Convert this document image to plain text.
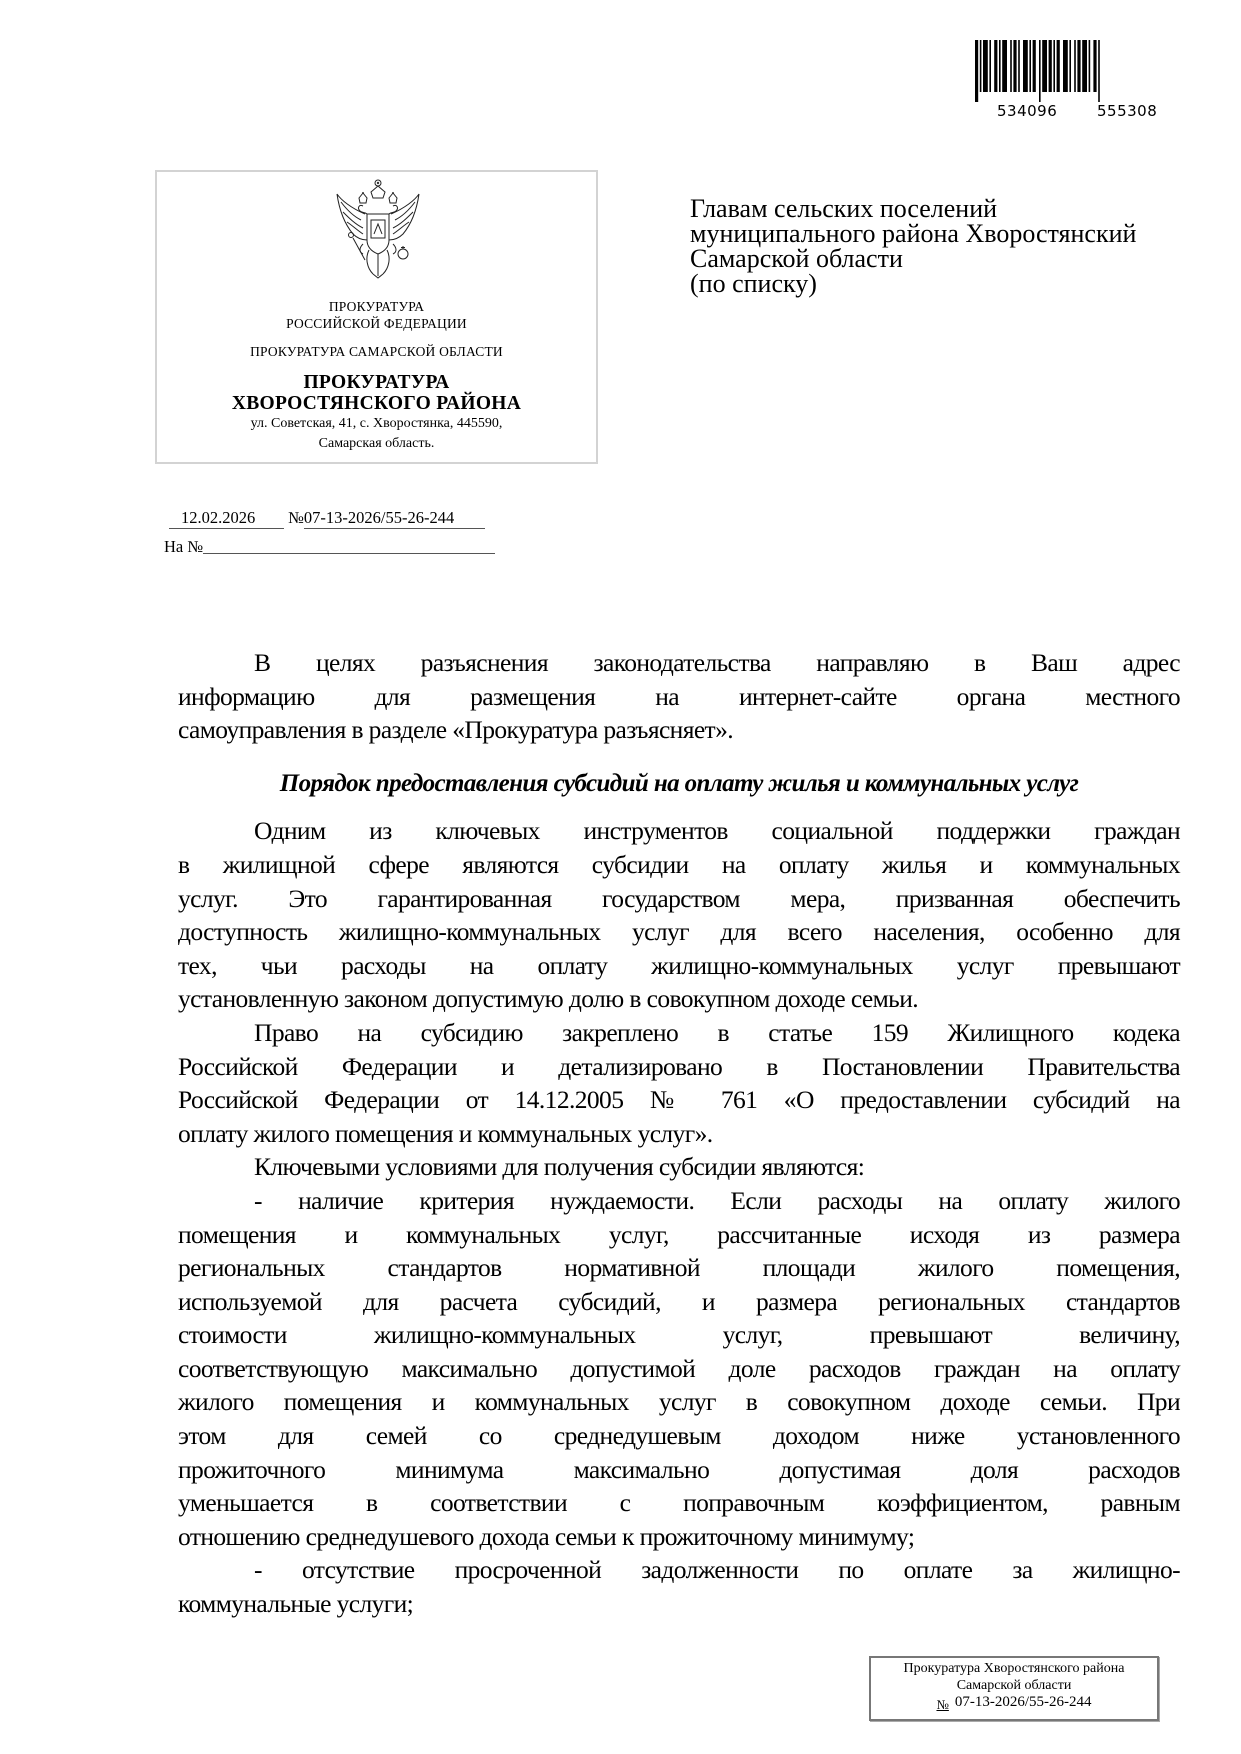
534096	555308
ПРОКУРАТУРА
РОССИЙСКОЙ ФЕДЕРАЦИИ
ПРОКУРАТУРА САМАРСКОЙ ОБЛАСТИ
ПРОКУРАТУРА
ХВОРОСТЯНСКОГО РАЙОНА
ул. Советская, 41, с. Хворостянка, 445590,
Самарская область.
Главам сельских поселений
муниципального района Хворостянский
Самарской области
(по списку)
12.02.2026 №07-13-2026/55-26-244
На №

В целях разъяснения законодательства направляю в Ваш адрес
информацию для размещения на интернет-сайте органа местного
самоуправления в разделе «Прокуратура разъясняет».

Порядок предоставления субсидий на оплату жилья и коммунальных услуг

Одним из ключевых инструментов социальной поддержки граждан
в жилищной сфере являются субсидии на оплату жилья и коммунальных
услуг. Это гарантированная государством мера, призванная обеспечить
доступность жилищно-коммунальных услуг для всего населения, особенно для
тех, чьи расходы на оплату жилищно-коммунальных услуг превышают
установленную законом допустимую долю в совокупном доходе семьи.

Право на субсидию закреплено в статье 159 Жилищного кодека
Российской Федерации и детализировано в Постановлении Правительства
Российской Федерации от 14.12.2005 № 761 «О предоставлении субсидий на
оплату жилого помещения и коммунальных услуг».

Ключевыми условиями для получения субсидии являются:

- наличие критерия нуждаемости. Если расходы на оплату жилого
помещения и коммунальных услуг, рассчитанные исходя из размера
региональных стандартов нормативной площади жилого помещения,
используемой для расчета субсидий, и размера региональных стандартов
стоимости жилищно-коммунальных услуг, превышают величину,
соответствующую максимально допустимой доле расходов граждан на оплату
жилого помещения и коммунальных услуг в совокупном доходе семьи. При
этом для семей со среднедушевым доходом ниже установленного
прожиточного минимума максимально допустимая доля расходов
уменьшается в соответствии с поправочным коэффициентом, равным
отношению среднедушевого дохода семьи к прожиточному минимуму;

- отсутствие просроченной задолженности по оплате за жилищно-
коммунальные услуги;

Прокуратура Хворостянского района
Самарской области
№ 07-13-2026/55-26-244
